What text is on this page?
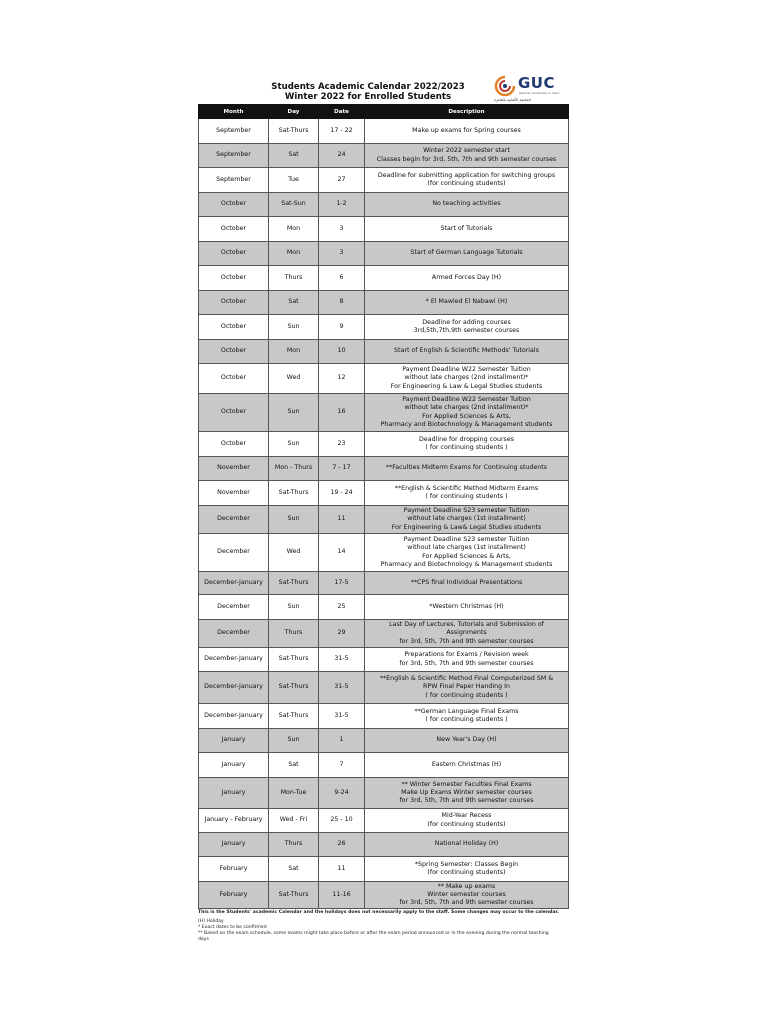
Students Academic Calendar 2022/2023
Winter 2022 for Enrolled Students
GUC
German University in Cairo
الجامعة الألمانية بالقاهرة
Month	Day	Date	Description
September	Sat-Thurs	17 - 22	Make up exams for Spring courses
September	Sat	24	Winter 2022 semester start
Classes begin for 3rd, 5th, 7th and 9th semester courses
September	Tue	27	Deadline for submitting application for switching groups
(for continuing students)
October	Sat-Sun	1-2	No teaching activities
October	Mon	3	Start of Tutorials
October	Mon	3	Start of German Language Tutorials
October	Thurs	6	Armed Forces Day (H)
October	Sat	8	* El Mawled El Nabawi (H)
October	Sun	9	Deadline for adding courses
3rd,5th,7th,9th semester courses
October	Mon	10	Start of English & Scientific Methods' Tutorials
October	Wed	12	Payment Deadline W22 Semester Tuition
without late charges (2nd installment)*
For Engineering & Law & Legal Studies students
October	Sun	16	Payment Deadline W22 Semester Tuition
without late charges (2nd installment)*
For Applied Sciences & Arts,
Pharmacy and Biotechnology & Management students
October	Sun	23	Deadline for dropping courses
( for continuing students )
November	Mon - Thurs	7 - 17	**Faculties Midterm Exams for Continuing students
November	Sat-Thurs	19 - 24	**English & Scientific Method Midterm Exams
( for continuing students )
December	Sun	11	Payment Deadline S23 semester Tuition
without late charges (1st installment)
For Engineering & Law& Legal Studies students
December	Wed	14	Payment Deadline S23 semester Tuition
without late charges (1st installment)
For Applied Sciences & Arts,
Pharmacy and Biotechnology & Management students
December-January	Sat-Thurs	17-5	**CPS final Individual Presentations
December	Sun	25	*Western Christmas (H)
December	Thurs	29	Last Day of Lectures, Tutorials and Submission of
Assignments
for 3rd, 5th, 7th and 9th semester courses
December-January	Sat-Thurs	31-5	Preparations for Exams / Revision week
for 3rd, 5th, 7th and 9th semester courses
December-January	Sat-Thurs	31-5	**English & Scientific Method Final Computerized SM &
RPW Final Paper Handing In
( for continuing students )
December-January	Sat-Thurs	31-5	**German Language Final Exams
( for continuing students )
January	Sun	1	New Year's Day (H)
January	Sat	7	Eastern Christmas (H)
January	Mon-Tue	9-24	** Winter Semester Faculties Final Exams
Make Up Exams Winter semester courses
for 3rd, 5th, 7th and 9th semester courses
January - February	Wed - Fri	25 - 10	Mid-Year Recess
(for continuing students)
January	Thurs	26	National Holiday (H)
February	Sat	11	*Spring Semester: Classes Begin
(for continuing students)
February	Sat-Thurs	11-16	** Make up exams
Winter semester courses
for 3rd, 5th, 7th and 9th semester courses
This is the Students' academic Calendar and the holidays does not necessarily apply to the staff. Some changes may occur to the calendar.
(H) Holiday
* Exact dates to be confirmed
** Based on the exam schedule, some exams might take place before or after the exam period announced or in the evening during the normal teaching
days
